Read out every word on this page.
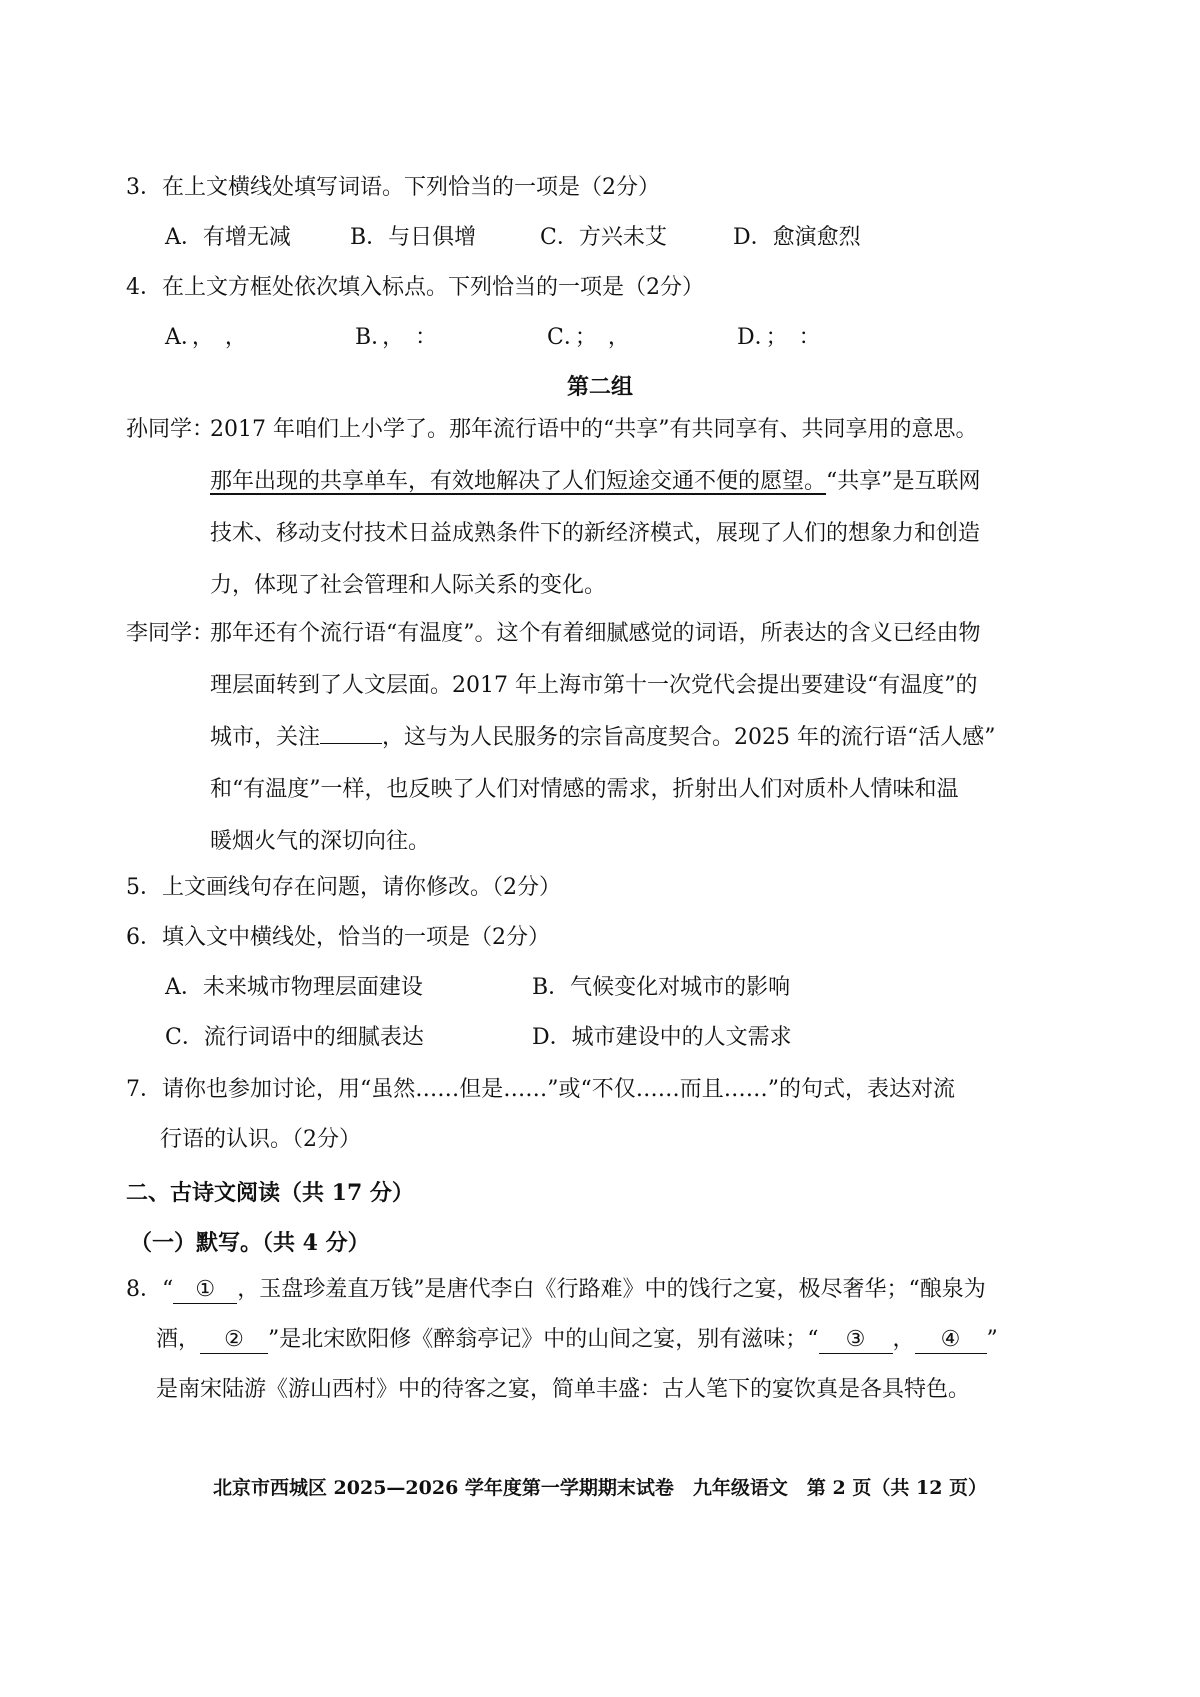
3．在上文横线处填写词语。下列恰当的一项是（2分）
A．有增无减	B．与日俱增	C．方兴未艾	D．愈演愈烈
4．在上文方框处依次填入标点。下列恰当的一项是（2分）
A．，　，	B．，　：	C．；　，	D．；　：
第二组
孙同学：
2017 年咱们上小学了。那年流行语中的“共享”有共同享有、共同享用的意思。
那年出现的共享单车，有效地解决了人们短途交通不便的愿望。“共享”是互联网
技术、移动支付技术日益成熟条件下的新经济模式，展现了人们的想象力和创造
力，体现了社会管理和人际关系的变化。
李同学：
那年还有个流行语“有温度”。这个有着细腻感觉的词语，所表达的含义已经由物
理层面转到了人文层面。2017 年上海市第十一次党代会提出要建设“有温度”的
城市，关注	，这与为人民服务的宗旨高度契合。2025 年的流行语“活人感”
和“有温度”一样，也反映了人们对情感的需求，折射出人们对质朴人情味和温
暖烟火气的深切向往。
5．上文画线句存在问题，请你修改。（2分）
6．填入文中横线处，恰当的一项是（2分）
A．未来城市物理层面建设	B．气候变化对城市的影响
C．流行词语中的细腻表达	D．城市建设中的人文需求
7．请你也参加讨论，用“虽然……但是……”或“不仅……而且……”的句式，表达对流
行语的认识。（2分）
二、古诗文阅读（共 17 分）
（一）默写。（共 4 分）
8．“ ① ，玉盘珍羞直万钱”是唐代李白《行路难》中的饯行之宴，极尽奢华；“酿泉为
酒， ② ”是北宋欧阳修《醉翁亭记》中的山间之宴，别有滋味；“ ③ ， ④ ”
是南宋陆游《游山西村》中的待客之宴，简单丰盛：古人笔下的宴饮真是各具特色。
北京市西城区 2025—2026 学年度第一学期期末试卷　九年级语文　第 2 页（共 12 页）
